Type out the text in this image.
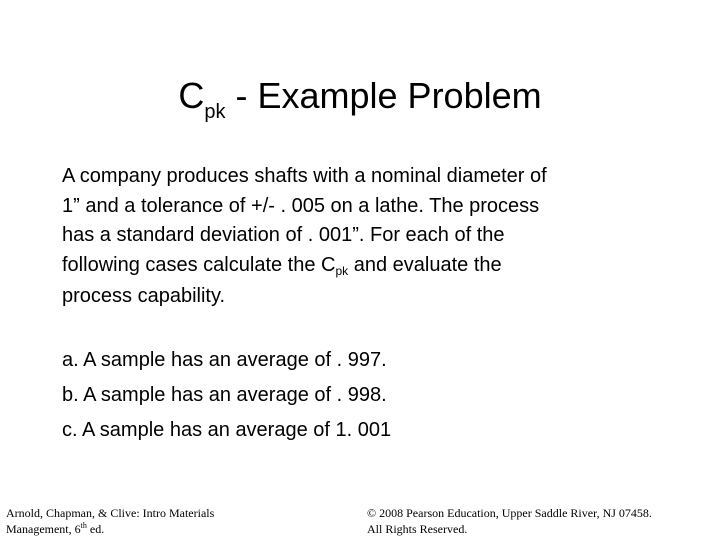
$C_{pk}$ - Example Problem
A company produces shafts with a nominal diameter of
1” and a tolerance of +/- . 005 on a lathe. The process
has a standard deviation of . 001”. For each of the
following cases calculate the $C_{pk}$ and evaluate the
process capability.
a. A sample has an average of . 997.
b. A sample has an average of . 998.
c. A sample has an average of 1. 001
Arnold, Chapman, & Clive: Intro Materials
Management, 6th ed.
© 2008 Pearson Education, Upper Saddle River, NJ 07458.
All Rights Reserved.
